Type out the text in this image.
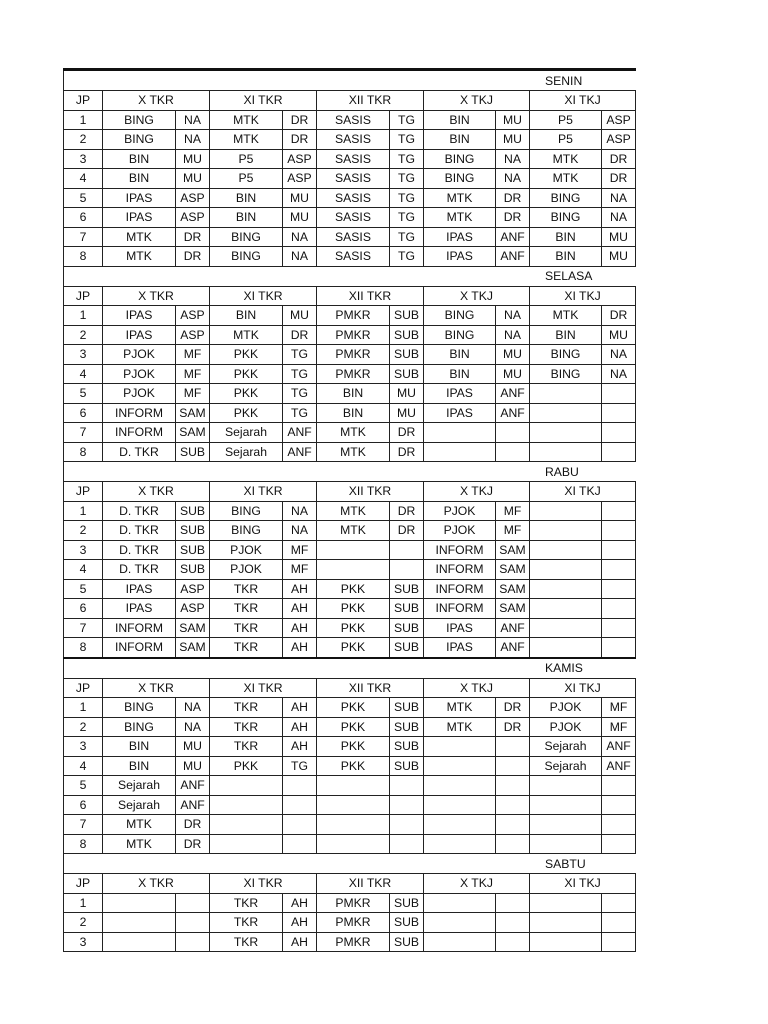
SENIN										
JP	X TKR		XI TKR		XII TKR		X TKJ		XI TKJ	
1	BING	NA	MTK	DR	SASIS	TG	BIN	MU	P5	ASP
2	BING	NA	MTK	DR	SASIS	TG	BIN	MU	P5	ASP
3	BIN	MU	P5	ASP	SASIS	TG	BING	NA	MTK	DR
4	BIN	MU	P5	ASP	SASIS	TG	BING	NA	MTK	DR
5	IPAS	ASP	BIN	MU	SASIS	TG	MTK	DR	BING	NA
6	IPAS	ASP	BIN	MU	SASIS	TG	MTK	DR	BING	NA
7	MTK	DR	BING	NA	SASIS	TG	IPAS	ANF	BIN	MU
8	MTK	DR	BING	NA	SASIS	TG	IPAS	ANF	BIN	MU
SELASA										
JP	X TKR		XI TKR		XII TKR		X TKJ		XI TKJ	
1	IPAS	ASP	BIN	MU	PMKR	SUB	BING	NA	MTK	DR
2	IPAS	ASP	MTK	DR	PMKR	SUB	BING	NA	BIN	MU
3	PJOK	MF	PKK	TG	PMKR	SUB	BIN	MU	BING	NA
4	PJOK	MF	PKK	TG	PMKR	SUB	BIN	MU	BING	NA
5	PJOK	MF	PKK	TG	BIN	MU	IPAS	ANF		
6	INFORM	SAM	PKK	TG	BIN	MU	IPAS	ANF		
7	INFORM	SAM	Sejarah	ANF	MTK	DR				
8	D. TKR	SUB	Sejarah	ANF	MTK	DR				
RABU										
JP	X TKR		XI TKR		XII TKR		X TKJ		XI TKJ	
1	D. TKR	SUB	BING	NA	MTK	DR	PJOK	MF		
2	D. TKR	SUB	BING	NA	MTK	DR	PJOK	MF		
3	D. TKR	SUB	PJOK	MF			INFORM	SAM		
4	D. TKR	SUB	PJOK	MF			INFORM	SAM		
5	IPAS	ASP	TKR	AH	PKK	SUB	INFORM	SAM		
6	IPAS	ASP	TKR	AH	PKK	SUB	INFORM	SAM		
7	INFORM	SAM	TKR	AH	PKK	SUB	IPAS	ANF		
8	INFORM	SAM	TKR	AH	PKK	SUB	IPAS	ANF		
KAMIS										
JP	X TKR		XI TKR		XII TKR		X TKJ		XI TKJ	
1	BING	NA	TKR	AH	PKK	SUB	MTK	DR	PJOK	MF
2	BING	NA	TKR	AH	PKK	SUB	MTK	DR	PJOK	MF
3	BIN	MU	TKR	AH	PKK	SUB			Sejarah	ANF
4	BIN	MU	PKK	TG	PKK	SUB			Sejarah	ANF
5	Sejarah	ANF								
6	Sejarah	ANF								
7	MTK	DR								
8	MTK	DR								
SABTU										
JP	X TKR		XI TKR		XII TKR		X TKJ		XI TKJ	
1			TKR	AH	PMKR	SUB				
2			TKR	AH	PMKR	SUB				
3			TKR	AH	PMKR	SUB				
